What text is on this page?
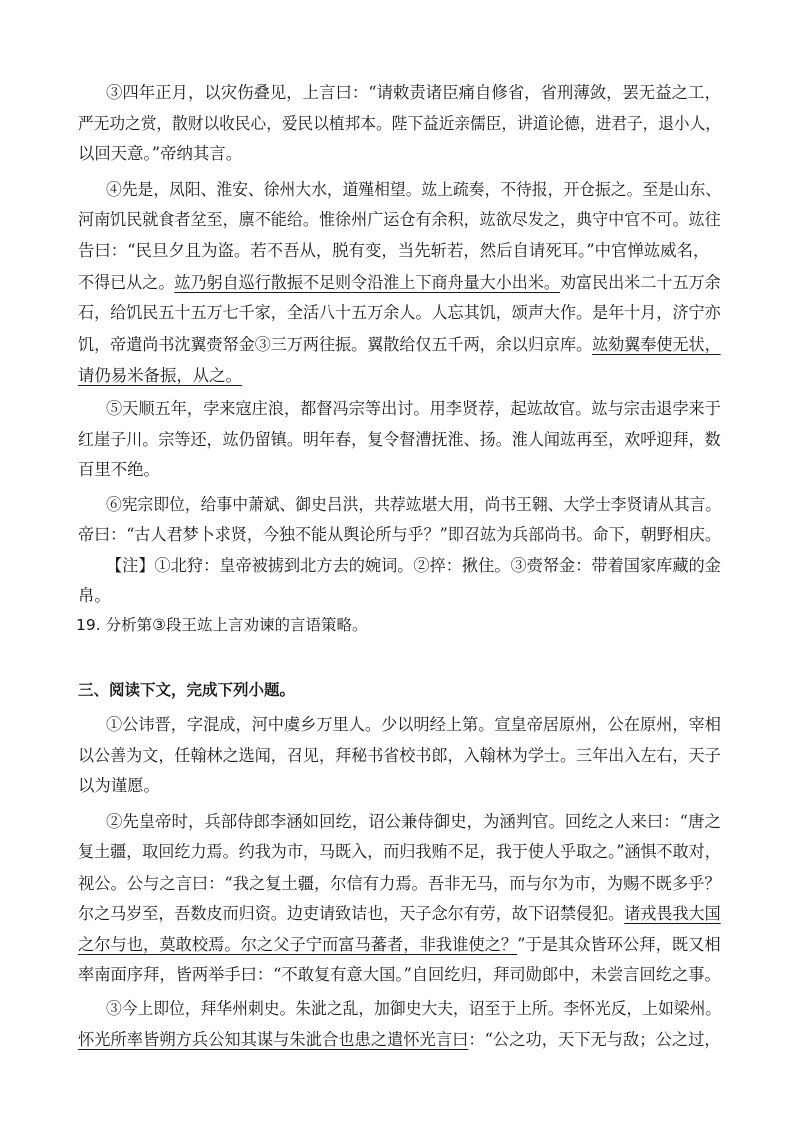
③四年正月，以灾伤叠见，上言曰：“请敕责诸臣痛自修省，省刑薄敛，罢无益之工，
严无功之赏，散财以收民心，爱民以植邦本。陛下益近亲儒臣，讲道论德，进君子，退小人，
以回天意。”帝纳其言。
④先是，凤阳、淮安、徐州大水，道殣相望。竑上疏奏，不待报，开仓振之。至是山东、
河南饥民就食者坌至，廪不能给。惟徐州广运仓有余积，竑欲尽发之，典守中官不可。竑往
告曰：“民旦夕且为盗。若不吾从，脱有变，当先斩若，然后自请死耳。”中官惮竑威名，
不得已从之。竑乃躬自巡行散振不足则令沿淮上下商舟量大小出米。劝富民出米二十五万余
石，给饥民五十五万七千家，全活八十五万余人。人忘其饥，颂声大作。是年十月，济宁亦
饥，帝遣尚书沈翼赍帑金③三万两往振。翼散给仅五千两，余以归京库。竑劾翼奉使无状，
请仍易米备振，从之。
⑤天顺五年，孛来寇庄浪，都督冯宗等出讨。用李贤荐，起竑故官。竑与宗击退孛来于
红崖子川。宗等还，竑仍留镇。明年春，复令督漕抚淮、扬。淮人闻竑再至，欢呼迎拜，数
百里不绝。
⑥宪宗即位，给事中萧斌、御史吕洪，共荐竑堪大用，尚书王翱、大学士李贤请从其言。
帝曰：“古人君梦卜求贤，今独不能从舆论所与乎？”即召竑为兵部尚书。命下，朝野相庆。
【注】①北狩：皇帝被掳到北方去的婉词。②捽：揪住。③赍帑金：带着国家库藏的金
帛。
19. 分析第③段王竑上言劝谏的言语策略。
三、阅读下文，完成下列小题。
①公讳晋，字混成，河中虞乡万里人。少以明经上第。宣皇帝居原州，公在原州，宰相
以公善为文，任翰林之选闻，召见，拜秘书省校书郎，入翰林为学士。三年出入左右，天子
以为谨愿。
②先皇帝时，兵部侍郎李涵如回纥，诏公兼侍御史，为涵判官。回纥之人来曰：“唐之
复土疆，取回纥力焉。约我为市，马既入，而归我贿不足，我于使人乎取之。”涵惧不敢对，
视公。公与之言曰：“我之复土疆，尔信有力焉。吾非无马，而与尔为市，为赐不既多乎？
尔之马岁至，吾数皮而归资。边吏请致诘也，天子念尔有劳，故下诏禁侵犯。诸戎畏我大国
之尔与也，莫敢校焉。尔之父子宁而富马蕃者，非我谁使之？”于是其众皆环公拜，既又相
率南面序拜，皆两举手曰：“不敢复有意大国。”自回纥归，拜司勋郎中，未尝言回纥之事。
③今上即位，拜华州刺史。朱泚之乱，加御史大夫，诏至于上所。李怀光反，上如梁州。
怀光所率皆朔方兵公知其谋与朱泚合也患之遣怀光言曰：“公之功，天下无与敌；公之过，
